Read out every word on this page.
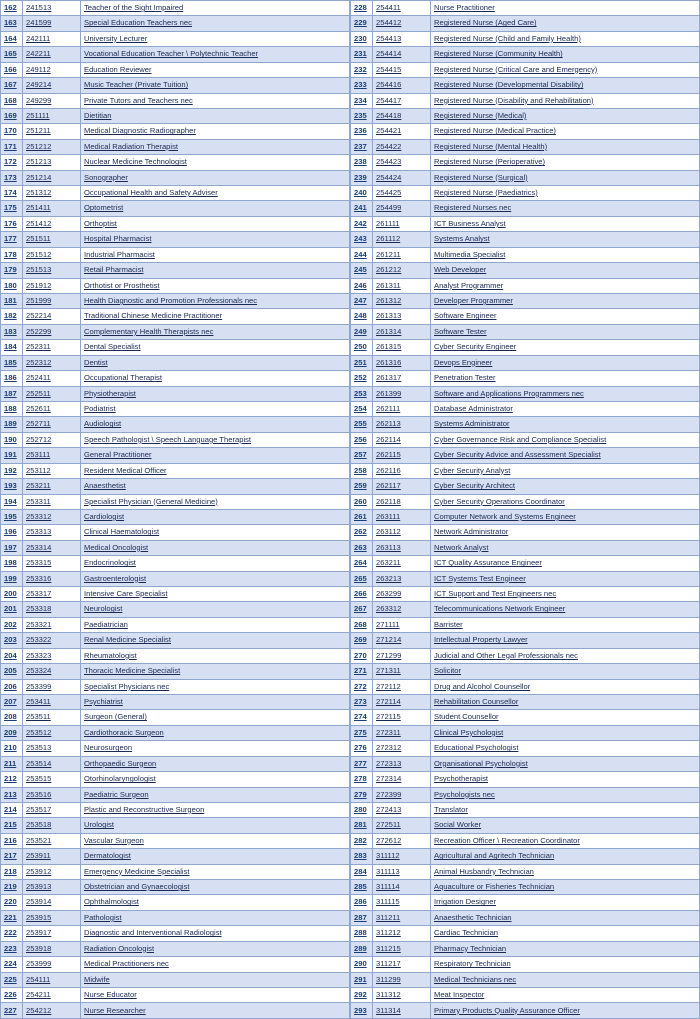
162	241513	Teacher of the Sight Impaired
163	241599	Special Education Teachers nec
164	242111	University Lecturer
165	242211	Vocational Education Teacher \ Polytechnic Teacher
166	249112	Education Reviewer
167	249214	Music Teacher (Private Tuition)
168	249299	Private Tutors and Teachers nec
169	251111	Dietitian
170	251211	Medical Diagnostic Radiographer
171	251212	Medical Radiation Therapist
172	251213	Nuclear Medicine Technologist
173	251214	Sonographer
174	251312	Occupational Health and Safety Adviser
175	251411	Optometrist
176	251412	Orthoptist
177	251511	Hospital Pharmacist
178	251512	Industrial Pharmacist
179	251513	Retail Pharmacist
180	251912	Orthotist or Prosthetist
181	251999	Health Diagnostic and Promotion Professionals nec
182	252214	Traditional Chinese Medicine Practitioner
183	252299	Complementary Health Therapists nec
184	252311	Dental Specialist
185	252312	Dentist
186	252411	Occupational Therapist
187	252511	Physiotherapist
188	252611	Podiatrist
189	252711	Audiologist
190	252712	Speech Pathologist \ Speech Language Therapist
191	253111	General Practitioner
192	253112	Resident Medical Officer
193	253211	Anaesthetist
194	253311	Specialist Physician (General Medicine)
195	253312	Cardiologist
196	253313	Clinical Haematologist
197	253314	Medical Oncologist
198	253315	Endocrinologist
199	253316	Gastroenterologist
200	253317	Intensive Care Specialist
201	253318	Neurologist
202	253321	Paediatrician
203	253322	Renal Medicine Specialist
204	253323	Rheumatologist
205	253324	Thoracic Medicine Specialist
206	253399	Specialist Physicians nec
207	253411	Psychiatrist
208	253511	Surgeon (General)
209	253512	Cardiothoracic Surgeon
210	253513	Neurosurgeon
211	253514	Orthopaedic Surgeon
212	253515	Otorhinolaryngologist
213	253516	Paediatric Surgeon
214	253517	Plastic and Reconstructive Surgeon
215	253518	Urologist
216	253521	Vascular Surgeon
217	253911	Dermatologist
218	253912	Emergency Medicine Specialist
219	253913	Obstetrician and Gynaecologist
220	253914	Ophthalmologist
221	253915	Pathologist
222	253917	Diagnostic and Interventional Radiologist
223	253918	Radiation Oncologist
224	253999	Medical Practitioners nec
225	254111	Midwife
226	254211	Nurse Educator
227	254212	Nurse Researcher
228	254411	Nurse Practitioner
229	254412	Registered Nurse (Aged Care)
230	254413	Registered Nurse (Child and Family Health)
231	254414	Registered Nurse (Community Health)
232	254415	Registered Nurse (Critical Care and Emergency)
233	254416	Registered Nurse (Developmental Disability)
234	254417	Registered Nurse (Disability and Rehabilitation)
235	254418	Registered Nurse (Medical)
236	254421	Registered Nurse (Medical Practice)
237	254422	Registered Nurse (Mental Health)
238	254423	Registered Nurse (Perioperative)
239	254424	Registered Nurse (Surgical)
240	254425	Registered Nurse (Paediatrics)
241	254499	Registered Nurses nec
242	261111	ICT Business Analyst
243	261112	Systems Analyst
244	261211	Multimedia Specialist
245	261212	Web Developer
246	261311	Analyst Programmer
247	261312	Developer Programmer
248	261313	Software Engineer
249	261314	Software Tester
250	261315	Cyber Security Engineer
251	261316	Devops Engineer
252	261317	Penetration Tester
253	261399	Software and Applications Programmers nec
254	262111	Database Administrator
255	262113	Systems Administrator
256	262114	Cyber Governance Risk and Compliance Specialist
257	262115	Cyber Security Advice and Assessment Specialist
258	262116	Cyber Security Analyst
259	262117	Cyber Security Architect
260	262118	Cyber Security Operations Coordinator
261	263111	Computer Network and Systems Engineer
262	263112	Network Administrator
263	263113	Network Analyst
264	263211	ICT Quality Assurance Engineer
265	263213	ICT Systems Test Engineer
266	263299	ICT Support and Test Engineers nec
267	263312	Telecommunications Network Engineer
268	271111	Barrister
269	271214	Intellectual Property Lawyer
270	271299	Judicial and Other Legal Professionals nec
271	271311	Solicitor
272	272112	Drug and Alcohol Counsellor
273	272114	Rehabilitation Counsellor
274	272115	Student Counsellor
275	272311	Clinical Psychologist
276	272312	Educational Psychologist
277	272313	Organisational Psychologist
278	272314	Psychotherapist
279	272399	Psychologists nec
280	272413	Translator
281	272511	Social Worker
282	272612	Recreation Officer \ Recreation Coordinator
283	311112	Agricultural and Agritech Technician
284	311113	Animal Husbandry Technician
285	311114	Aquaculture or Fisheries Technician
286	311115	Irrigation Designer
287	311211	Anaesthetic Technician
288	311212	Cardiac Technician
289	311215	Pharmacy Technician
290	311217	Respiratory Technician
291	311299	Medical Technicians nec
292	311312	Meat Inspector
293	311314	Primary Products Quality Assurance Officer
